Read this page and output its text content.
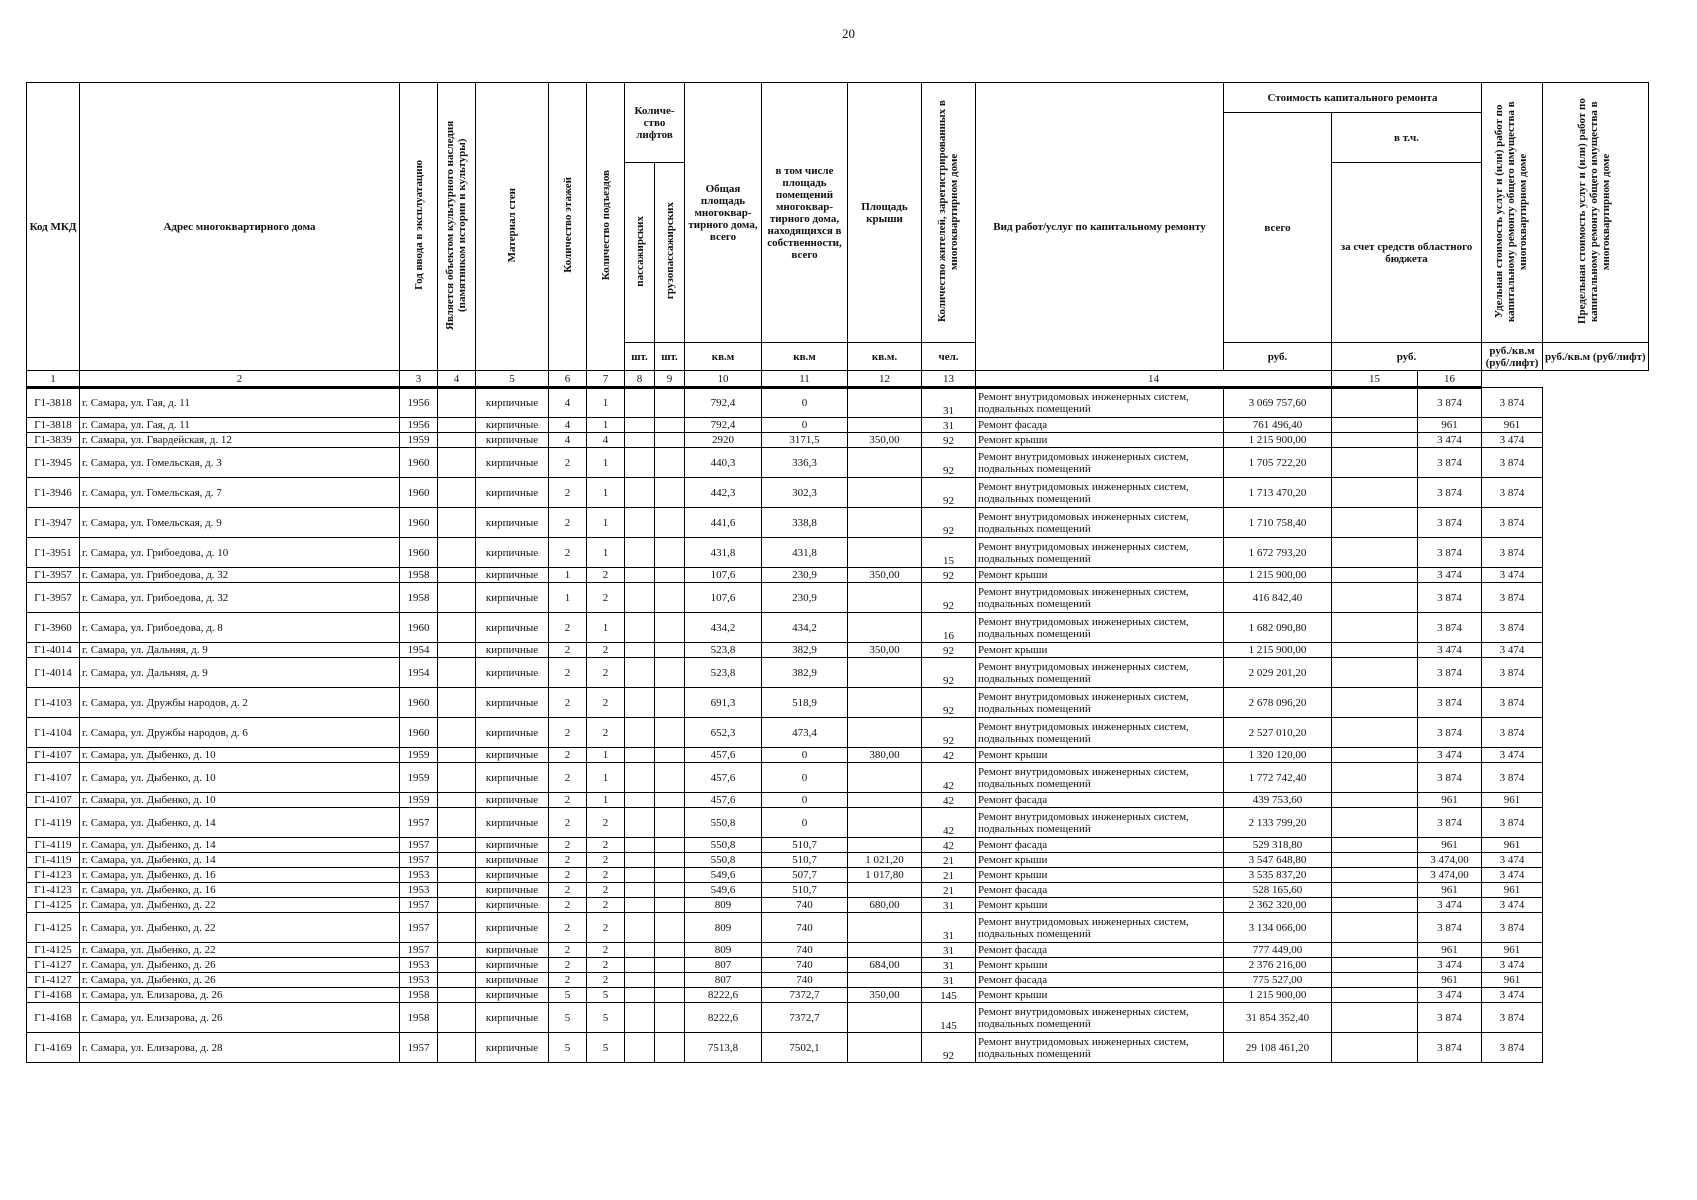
20
Код МКД	Адрес многоквартирного дома	Год ввода в эксплуатацию	Является объектом культурного наследия (памятником истории и культуры)	Материал стен	Количество этажей	Количество подъездов	Количе-ство лифтов		Общая площадь многоквар-тирного дома, всего	в том числе площадь помещений многоквар-тирного дома, находящихся в собственности, всего	Площадь крыши	Количество жителей, зарегистрированных в многоквартирном доме	Вид работ/услуг по капитальному ремонту	Стоимость капитального ремонта			Удельная стоимость услуг и (или) работ по капитальному ремонту общего имущества в многоквартирном доме	Предельная стоимость услуг и (или) работ по капитальному ремонту общего имущества в многоквартирном доме
														всего	в т.ч.			
							пассажирских	грузопассажирских							за счет средств областного бюджета			
							шт.	шт.	кв.м	кв.м	кв.м.	чел.		руб.	руб.		руб./кв.м (руб/лифт)	руб./кв.м (руб/лифт)
1	2	3	4	5	6	7	8	9	10	11	12	13	14		15	16		
Г1-3818	г. Самара, ул. Гая, д. 11	1956		кирпичные	4	1			792,4	0		31	Ремонт внутридомовых инженерных систем, подвальных помещений	3 069 757,60		3 874	3 874	
Г1-3818	г. Самара, ул. Гая, д. 11	1956		кирпичные	4	1			792,4	0		31	Ремонт фасада	761 496,40		961	961	
Г1-3839	г. Самара, ул. Гвардейская, д. 12	1959		кирпичные	4	4			2920	3171,5	350,00	92	Ремонт крыши	1 215 900,00		3 474	3 474	
Г1-3945	г. Самара, ул. Гомельская, д. 3	1960		кирпичные	2	1			440,3	336,3		92	Ремонт внутридомовых инженерных систем, подвальных помещений	1 705 722,20		3 874	3 874	
Г1-3946	г. Самара, ул. Гомельская, д. 7	1960		кирпичные	2	1			442,3	302,3		92	Ремонт внутридомовых инженерных систем, подвальных помещений	1 713 470,20		3 874	3 874	
Г1-3947	г. Самара, ул. Гомельская, д. 9	1960		кирпичные	2	1			441,6	338,8		92	Ремонт внутридомовых инженерных систем, подвальных помещений	1 710 758,40		3 874	3 874	
Г1-3951	г. Самара, ул. Грибоедова, д. 10	1960		кирпичные	2	1			431,8	431,8		15	Ремонт внутридомовых инженерных систем, подвальных помещений	1 672 793,20		3 874	3 874	
Г1-3957	г. Самара, ул. Грибоедова, д. 32	1958		кирпичные	1	2			107,6	230,9	350,00	92	Ремонт крыши	1 215 900,00		3 474	3 474	
Г1-3957	г. Самара, ул. Грибоедова, д. 32	1958		кирпичные	1	2			107,6	230,9		92	Ремонт внутридомовых инженерных систем, подвальных помещений	416 842,40		3 874	3 874	
Г1-3960	г. Самара, ул. Грибоедова, д. 8	1960		кирпичные	2	1			434,2	434,2		16	Ремонт внутридомовых инженерных систем, подвальных помещений	1 682 090,80		3 874	3 874	
Г1-4014	г. Самара, ул. Дальняя, д. 9	1954		кирпичные	2	2			523,8	382,9	350,00	92	Ремонт крыши	1 215 900,00		3 474	3 474	
Г1-4014	г. Самара, ул. Дальняя, д. 9	1954		кирпичные	2	2			523,8	382,9		92	Ремонт внутридомовых инженерных систем, подвальных помещений	2 029 201,20		3 874	3 874	
Г1-4103	г. Самара, ул. Дружбы народов, д. 2	1960		кирпичные	2	2			691,3	518,9		92	Ремонт внутридомовых инженерных систем, подвальных помещений	2 678 096,20		3 874	3 874	
Г1-4104	г. Самара, ул. Дружбы народов, д. 6	1960		кирпичные	2	2			652,3	473,4		92	Ремонт внутридомовых инженерных систем, подвальных помещений	2 527 010,20		3 874	3 874	
Г1-4107	г. Самара, ул. Дыбенко, д. 10	1959		кирпичные	2	1			457,6	0	380,00	42	Ремонт крыши	1 320 120,00		3 474	3 474	
Г1-4107	г. Самара, ул. Дыбенко, д. 10	1959		кирпичные	2	1			457,6	0		42	Ремонт внутридомовых инженерных систем, подвальных помещений	1 772 742,40		3 874	3 874	
Г1-4107	г. Самара, ул. Дыбенко, д. 10	1959		кирпичные	2	1			457,6	0		42	Ремонт фасада	439 753,60		961	961	
Г1-4119	г. Самара, ул. Дыбенко, д. 14	1957		кирпичные	2	2			550,8	0		42	Ремонт внутридомовых инженерных систем, подвальных помещений	2 133 799,20		3 874	3 874	
Г1-4119	г. Самара, ул. Дыбенко, д. 14	1957		кирпичные	2	2			550,8	510,7		42	Ремонт фасада	529 318,80		961	961	
Г1-4119	г. Самара, ул. Дыбенко, д. 14	1957		кирпичные	2	2			550,8	510,7	1 021,20	21	Ремонт крыши	3 547 648,80		3 474,00	3 474	
Г1-4123	г. Самара, ул. Дыбенко, д. 16	1953		кирпичные	2	2			549,6	507,7	1 017,80	21	Ремонт крыши	3 535 837,20		3 474,00	3 474	
Г1-4123	г. Самара, ул. Дыбенко, д. 16	1953		кирпичные	2	2			549,6	510,7		21	Ремонт фасада	528 165,60		961	961	
Г1-4125	г. Самара, ул. Дыбенко, д. 22	1957		кирпичные	2	2			809	740	680,00	31	Ремонт крыши	2 362 320,00		3 474	3 474	
Г1-4125	г. Самара, ул. Дыбенко, д. 22	1957		кирпичные	2	2			809	740		31	Ремонт внутридомовых инженерных систем, подвальных помещений	3 134 066,00		3 874	3 874	
Г1-4125	г. Самара, ул. Дыбенко, д. 22	1957		кирпичные	2	2			809	740		31	Ремонт фасада	777 449,00		961	961	
Г1-4127	г. Самара, ул. Дыбенко, д. 26	1953		кирпичные	2	2			807	740	684,00	31	Ремонт крыши	2 376 216,00		3 474	3 474	
Г1-4127	г. Самара, ул. Дыбенко, д. 26	1953		кирпичные	2	2			807	740		31	Ремонт фасада	775 527,00		961	961	
Г1-4168	г. Самара, ул. Елизарова, д. 26	1958		кирпичные	5	5			8222,6	7372,7	350,00	145	Ремонт крыши	1 215 900,00		3 474	3 474	
Г1-4168	г. Самара, ул. Елизарова, д. 26	1958		кирпичные	5	5			8222,6	7372,7		145	Ремонт внутридомовых инженерных систем, подвальных помещений	31 854 352,40		3 874	3 874	
Г1-4169	г. Самара, ул. Елизарова, д. 28	1957		кирпичные	5	5			7513,8	7502,1		92	Ремонт внутридомовых инженерных систем, подвальных помещений	29 108 461,20		3 874	3 874	
